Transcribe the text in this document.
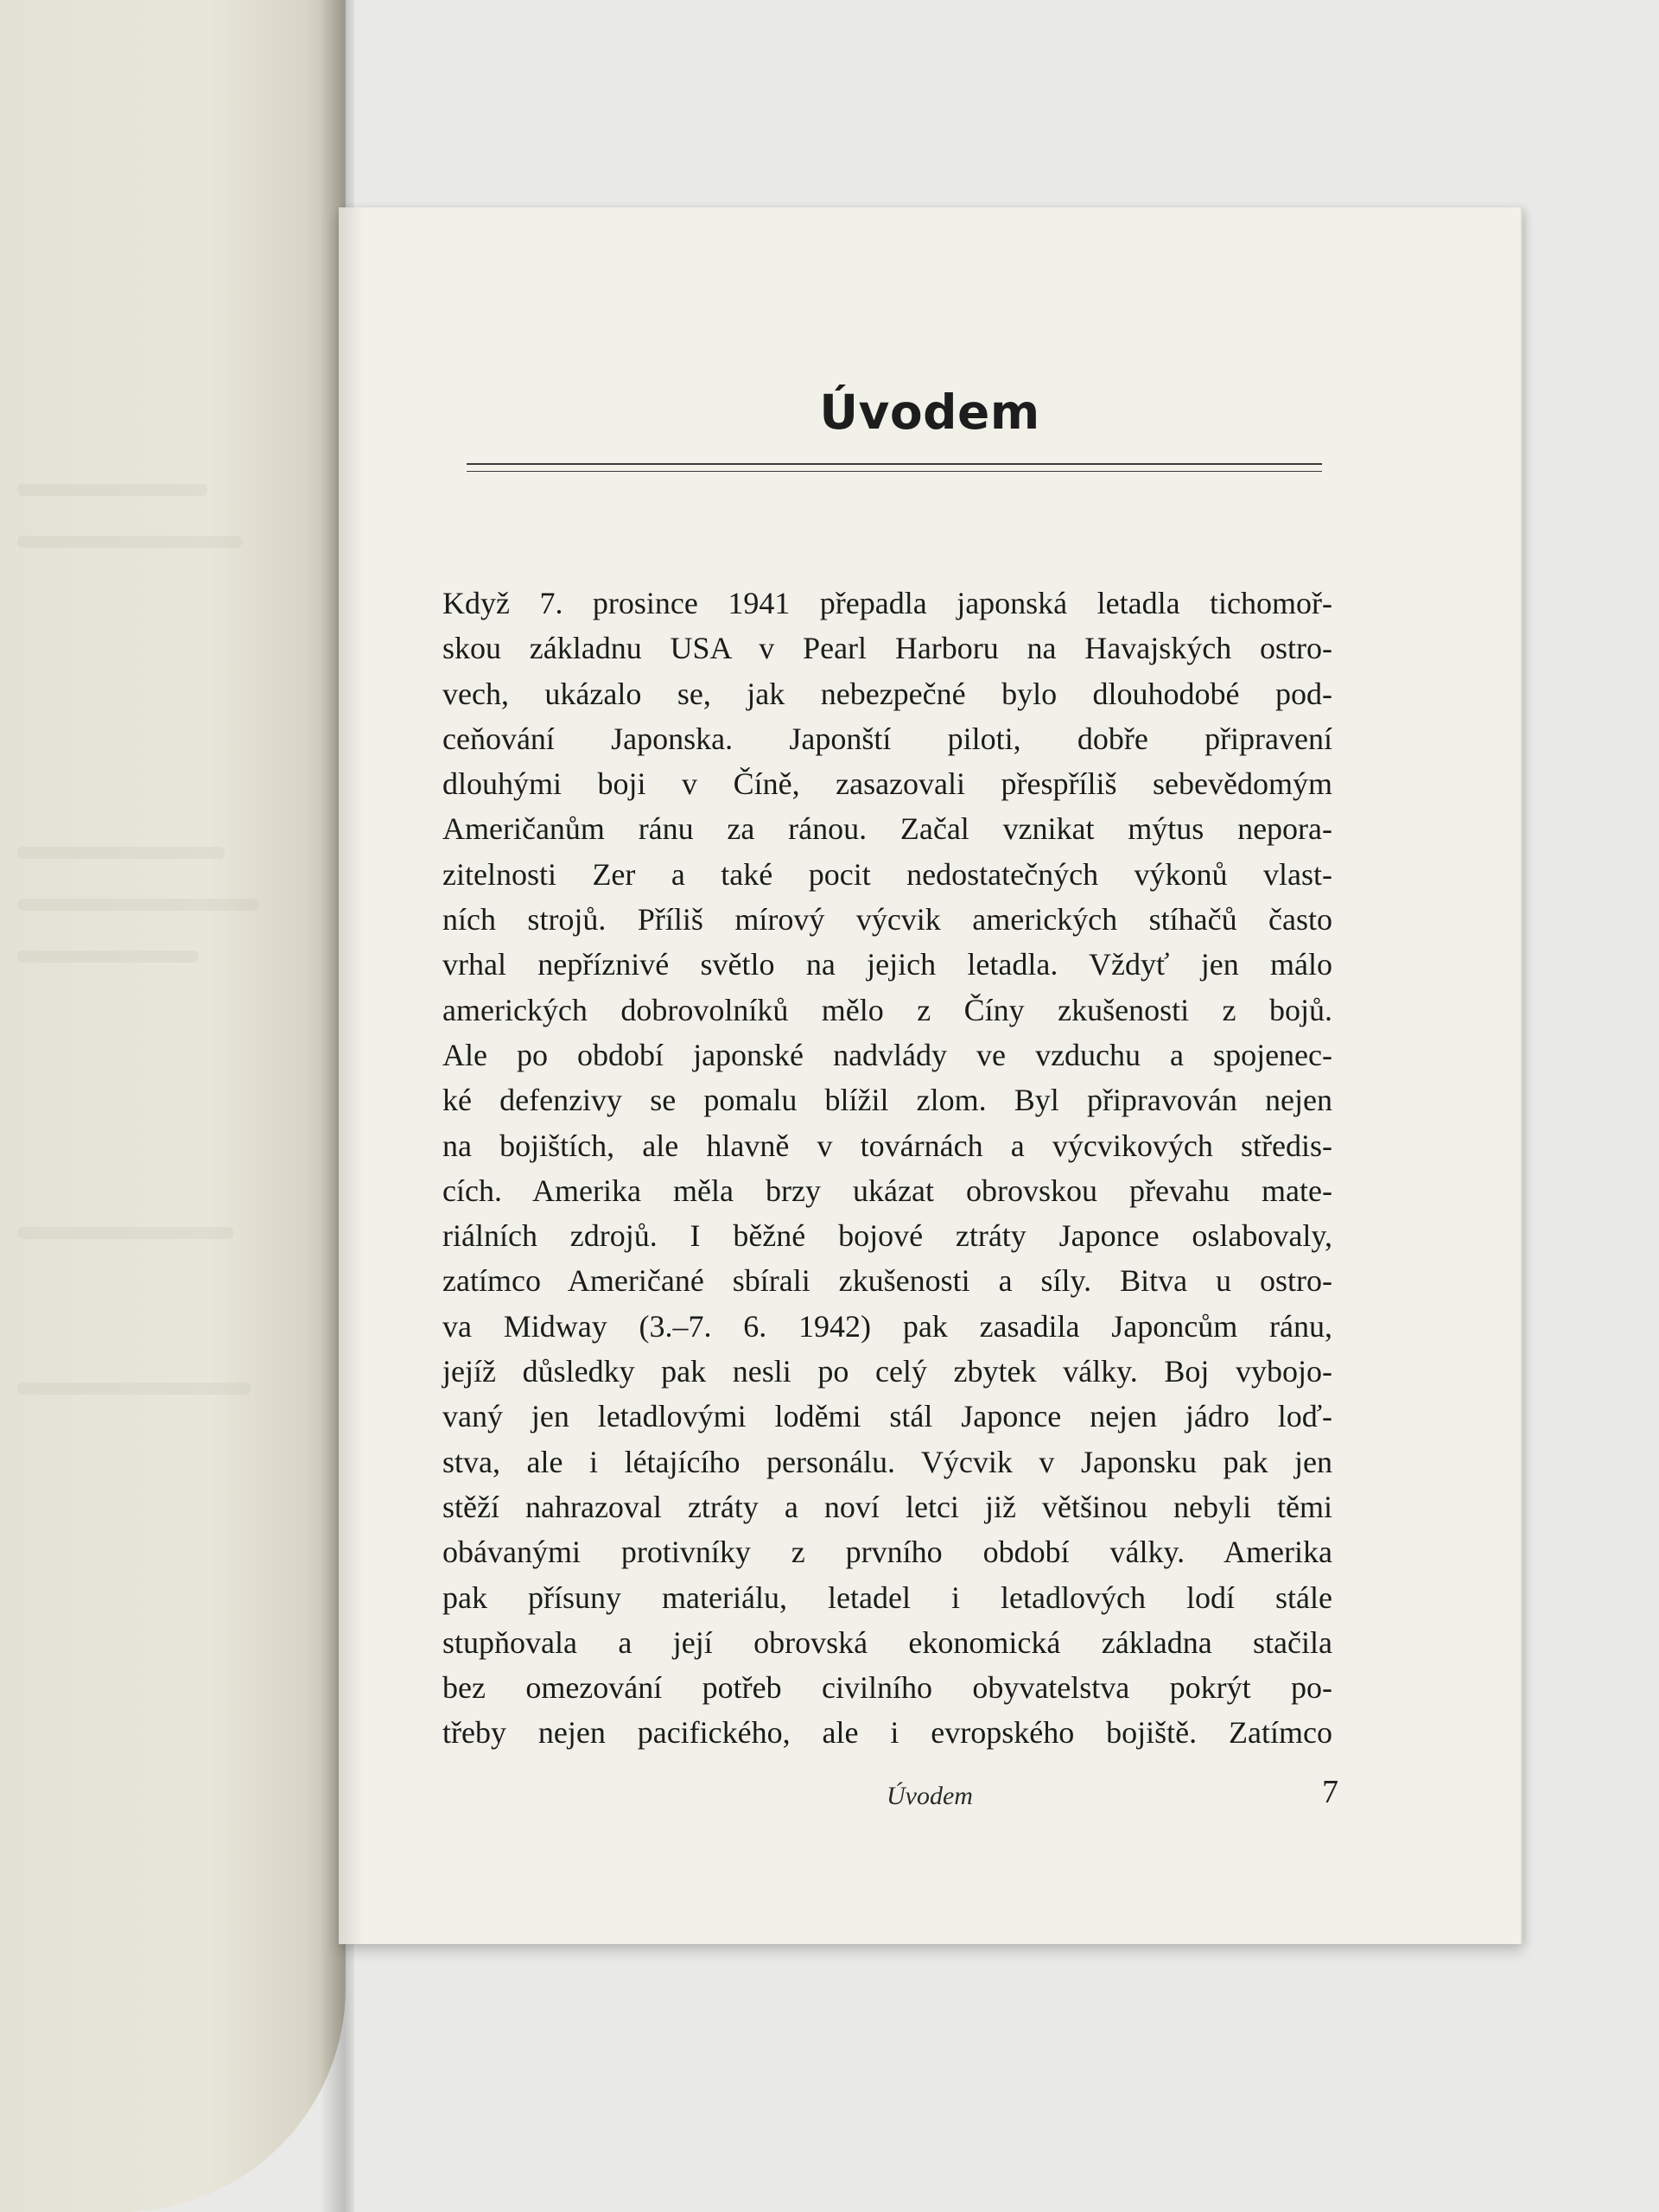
Úvodem
Když 7. prosince 1941 přepadla japonská letadla tichomoř-
skou základnu USA v Pearl Harboru na Havajských ostro-
vech, ukázalo se, jak nebezpečné bylo dlouhodobé pod-
ceňování Japonska. Japonští piloti, dobře připravení
dlouhými boji v Číně, zasazovali přespříliš sebevědomým
Američanům ránu za ránou. Začal vznikat mýtus nepora-
zitelnosti Zer a také pocit nedostatečných výkonů vlast-
ních strojů. Příliš mírový výcvik amerických stíhačů často
vrhal nepříznivé světlo na jejich letadla. Vždyť jen málo
amerických dobrovolníků mělo z Číny zkušenosti z bojů.
Ale po období japonské nadvlády ve vzduchu a spojenec-
ké defenzivy se pomalu blížil zlom. Byl připravován nejen
na bojištích, ale hlavně v továrnách a výcvikových středis-
cích. Amerika měla brzy ukázat obrovskou převahu mate-
riálních zdrojů. I běžné bojové ztráty Japonce oslabovaly,
zatímco Američané sbírali zkušenosti a síly. Bitva u ostro-
va Midway (3.–7. 6. 1942) pak zasadila Japoncům ránu,
jejíž důsledky pak nesli po celý zbytek války. Boj vybojo-
vaný jen letadlovými loděmi stál Japonce nejen jádro loď-
stva, ale i létajícího personálu. Výcvik v Japonsku pak jen
stěží nahrazoval ztráty a noví letci již většinou nebyli těmi
obávanými protivníky z prvního období války. Amerika
pak přísuny materiálu, letadel i letadlových lodí stále
stupňovala a její obrovská ekonomická základna stačila
bez omezování potřeb civilního obyvatelstva pokrýt po-
třeby nejen pacifického, ale i evropského bojiště. Zatímco
Úvodem	7
